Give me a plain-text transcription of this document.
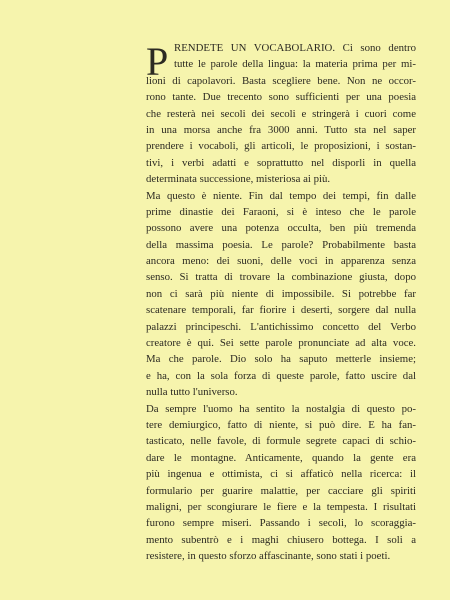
P RENDETE UN VOCABOLARIO. Ci sono dentro
tutte le parole della lingua: la materia prima per mi-
lioni di capolavori. Basta scegliere bene. Non ne occor-
rono tante. Due trecento sono sufficienti per una poesia
che resterà nei secoli dei secoli e stringerà i cuori come
in una morsa anche fra 3000 anni. Tutto sta nel saper
prendere i vocaboli, gli articoli, le proposizioni, i sostan-
tivi, i verbi adatti e soprattutto nel disporli in quella
determinata successione, misteriosa ai più.
Ma questo è niente. Fin dal tempo dei tempi, fin dalle
prime dinastie dei Faraoni, si è inteso che le parole
possono avere una potenza occulta, ben più tremenda
della massima poesia. Le parole? Probabilmente basta
ancora meno: dei suoni, delle voci in apparenza senza
senso. Si tratta di trovare la combinazione giusta, dopo
non ci sarà più niente di impossibile. Si potrebbe far
scatenare temporali, far fiorire i deserti, sorgere dal nulla
palazzi principeschi. L'antichissimo concetto del Verbo
creatore è qui. Sei sette parole pronunciate ad alta voce.
Ma che parole. Dio solo ha saputo metterle insieme;
e ha, con la sola forza di queste parole, fatto uscire dal
nulla tutto l'universo.
Da sempre l'uomo ha sentito la nostalgia di questo po-
tere demiurgico, fatto di niente, si può dire. E ha fan-
tasticato, nelle favole, di formule segrete capaci di schio-
dare le montagne. Anticamente, quando la gente era
più ingenua e ottimista, ci si affaticò nella ricerca: il
formulario per guarire malattie, per cacciare gli spiriti
maligni, per scongiurare le fiere e la tempesta. I risultati
furono sempre miseri. Passando i secoli, lo scoraggia-
mento subentrò e i maghi chiusero bottega. I soli a
resistere, in questo sforzo affascinante, sono stati i poeti.
